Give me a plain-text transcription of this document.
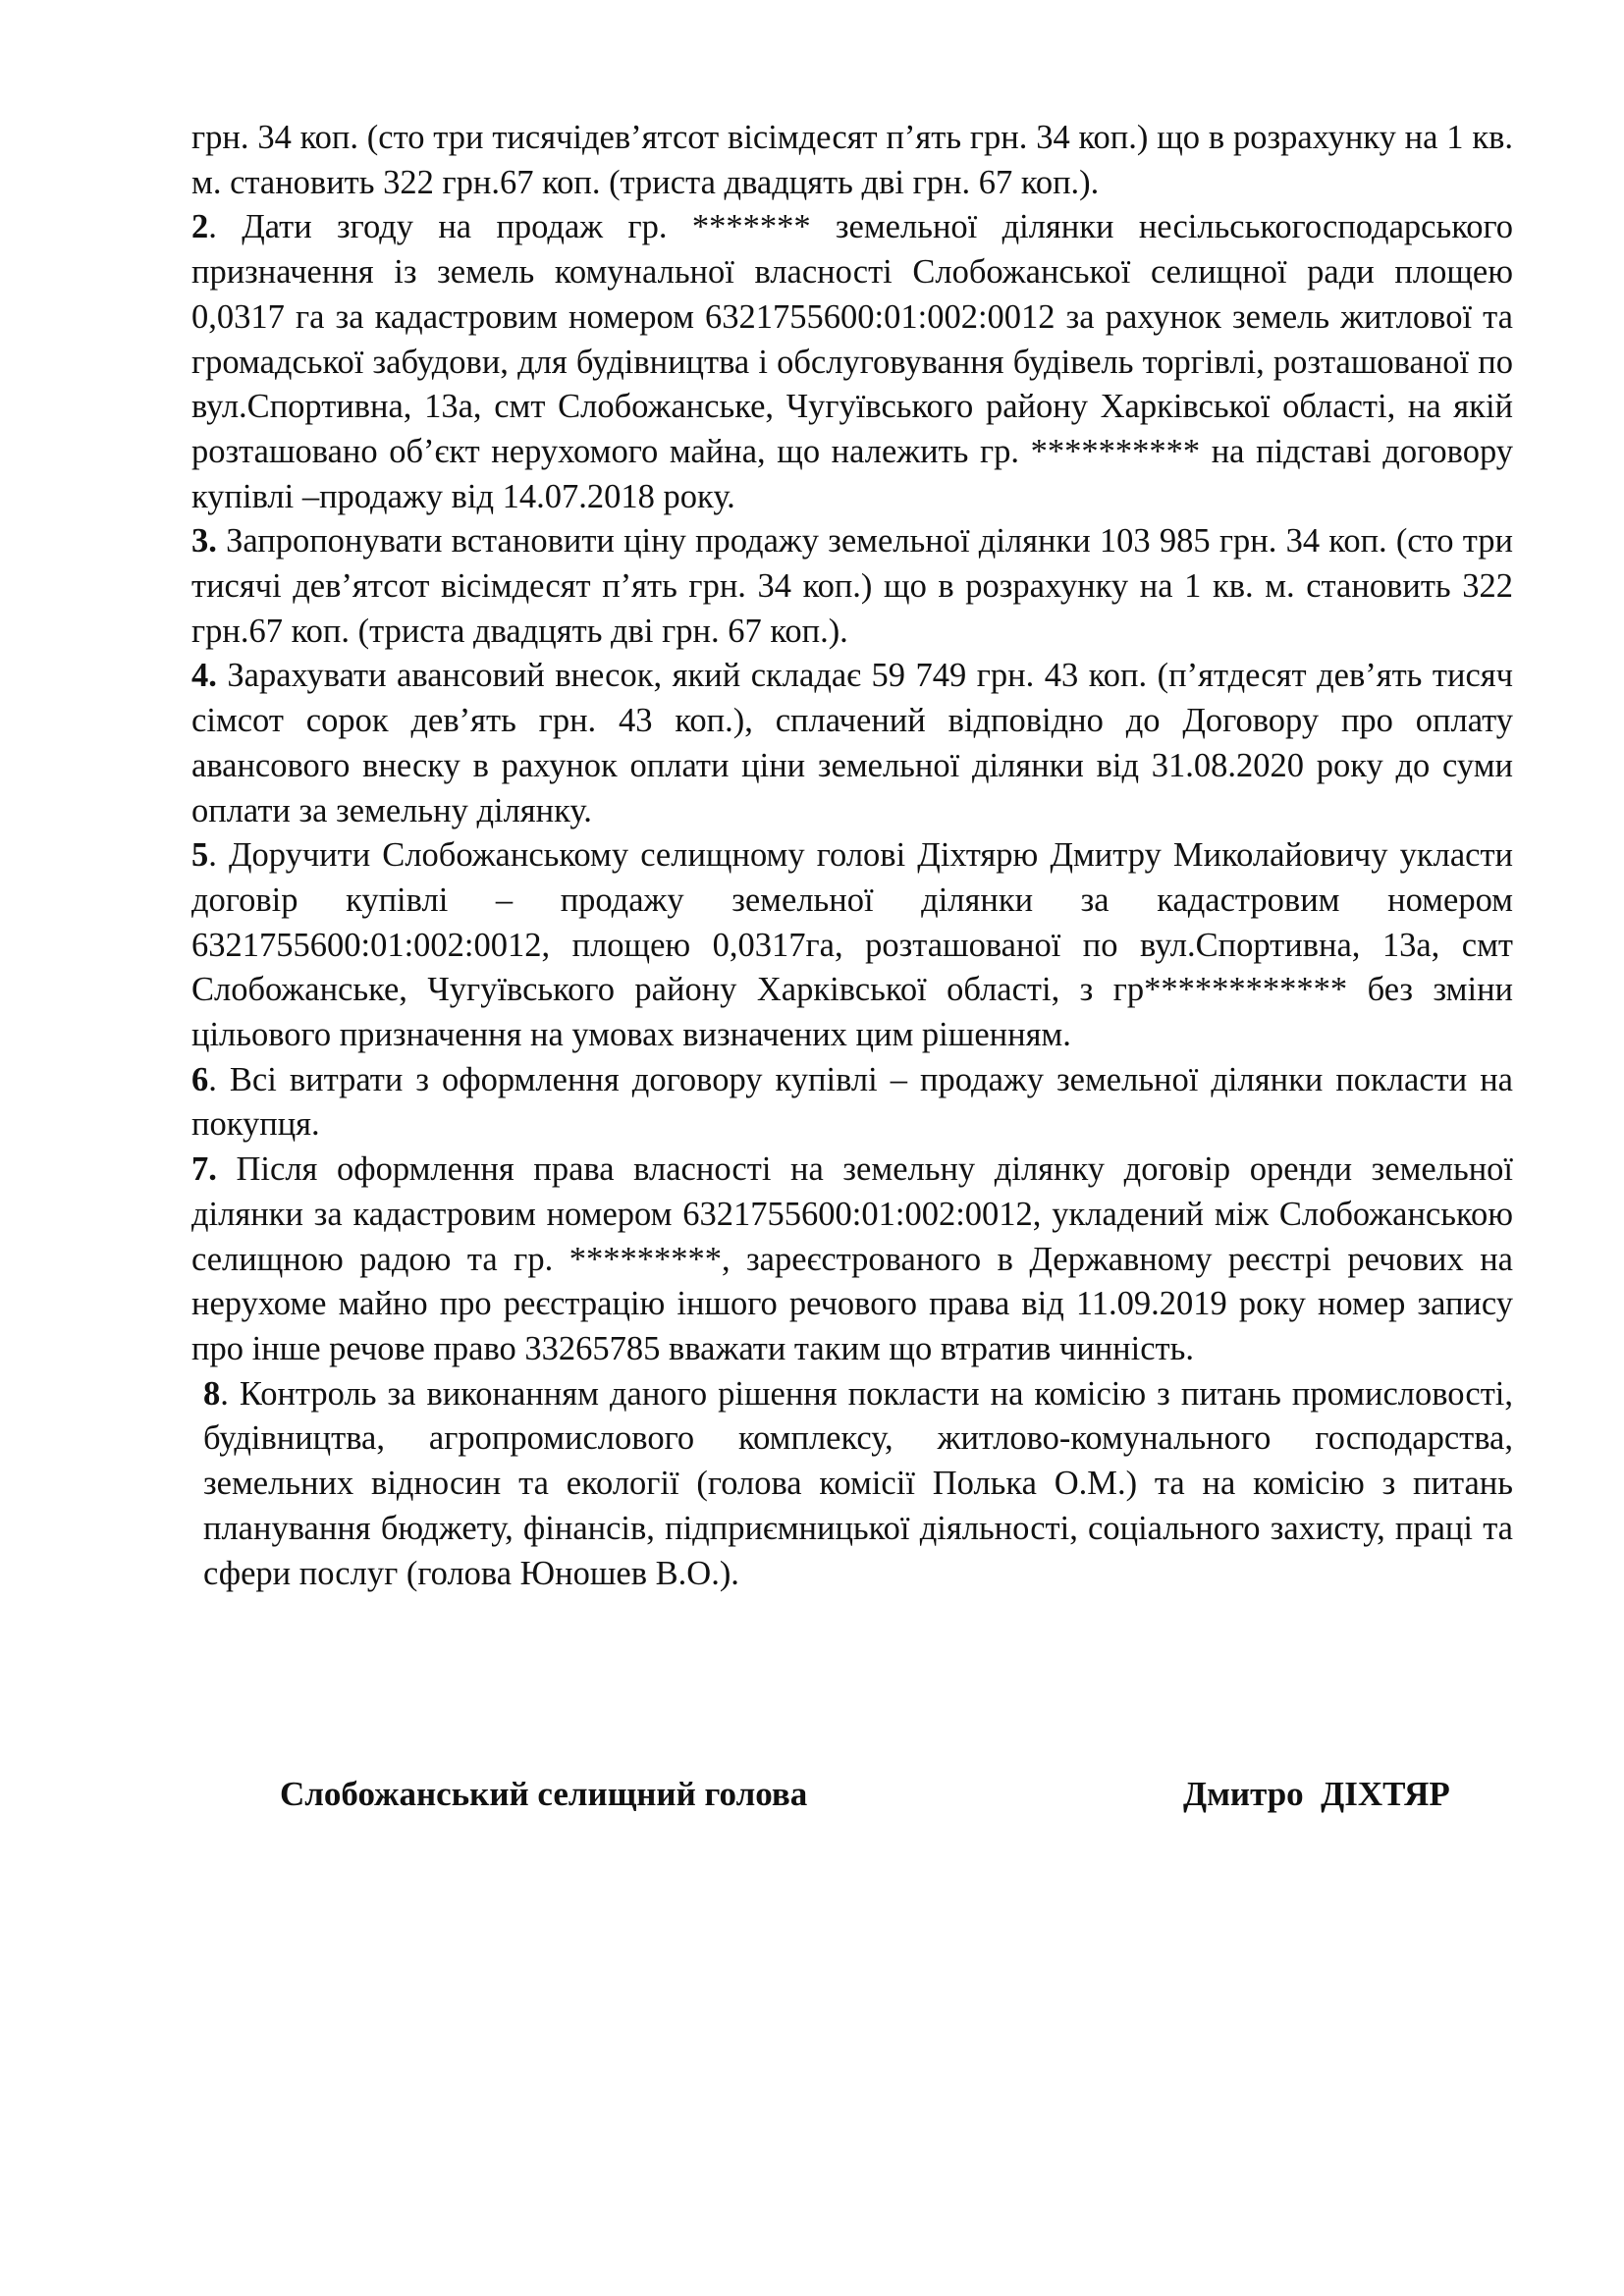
грн. 34 коп. (сто три тисячідев’ятсот вісімдесят п’ять грн. 34 коп.) що в розрахунку на 1 кв. м. становить 322 грн.67 коп. (триста двадцять дві грн. 67 коп.).

2. Дати згоду на продаж гр. ******* земельної ділянки несільськогосподарського призначення із земель комунальної власності Слобожанської селищної ради площею 0,0317 га за кадастровим номером 6321755600:01:002:0012 за рахунок земель житлової та громадської забудови, для будівництва і обслуговування будівель торгівлі, розташованої по вул.Спортивна, 13а, смт Слобожанське, Чугуївського району Харківської області, на якій розташовано об’єкт нерухомого майна, що належить гр. ********** на підставі договору купівлі –продажу від 14.07.2018 року.

3. Запропонувати встановити ціну продажу земельної ділянки 103 985 грн. 34 коп. (сто три тисячі дев’ятсот вісімдесят п’ять грн. 34 коп.) що в розрахунку на 1 кв. м. становить 322 грн.67 коп. (триста двадцять дві грн. 67 коп.).

4. Зарахувати авансовий внесок, який складає 59 749 грн. 43 коп. (п’ятдесят дев’ять тисяч сімсот сорок дев’ять грн. 43 коп.), сплачений відповідно до Договору про оплату авансового внеску в рахунок оплати ціни земельної ділянки від 31.08.2020 року до суми оплати за земельну ділянку.

5. Доручити Слобожанському селищному голові Діхтярю Дмитру Миколайовичу укласти договір купівлі – продажу земельної ділянки за кадастровим номером 6321755600:01:002:0012, площею 0,0317га, розташованої по вул.Спортивна, 13а, смт Слобожанське, Чугуївського району Харківської області, з гр************ без зміни цільового призначення на умовах визначених цим рішенням.

6. Всі витрати з оформлення договору купівлі – продажу земельної ділянки покласти на покупця.

7. Після оформлення права власності на земельну ділянку договір оренди земельної ділянки за кадастровим номером 6321755600:01:002:0012, укладений між Слобожанською селищною радою та гр. *********, зареєстрованого в Державному реєстрі речових на нерухоме майно про реєстрацію іншого речового права від 11.09.2019 року номер запису про інше речове право 33265785 вважати таким що втратив чинність.

8. Контроль за виконанням даного рішення покласти на комісію з питань промисловості, будівництва, агропромислового комплексу, житлово-комунального господарства, земельних відносин та екології (голова комісії Полька О.М.) та на комісію з питань планування бюджету, фінансів, підприємницької діяльності, соціального захисту, праці та сфери послуг (голова Юношев В.О.).

Слобожанський селищний голова	Дмитро  ДІХТЯР
